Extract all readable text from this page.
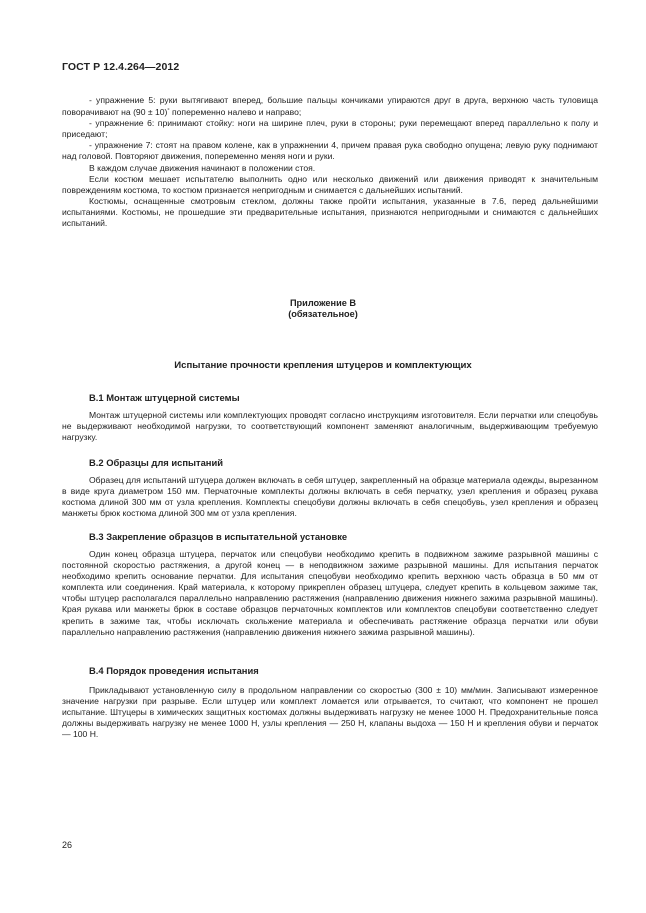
ГОСТ Р 12.4.264—2012

- упражнение 5: руки вытягивают вперед, большие пальцы кончиками упираются друг в друга, верхнюю часть туловища поворачивают на (90 ± 10)° попеременно налево и направо;

- упражнение 6: принимают стойку: ноги на ширине плеч, руки в стороны; руки перемещают вперед параллельно к полу и приседают;

- упражнение 7: стоят на правом колене, как в упражнении 4, причем правая рука свободно опущена; левую руку поднимают над головой. Повторяют движения, попеременно меняя ноги и руки.

В каждом случае движения начинают в положении стоя.

Если костюм мешает испытателю выполнить одно или несколько движений или движения приводят к значительным повреждениям костюма, то костюм признается непригодным и снимается с дальнейших испытаний.

Костюмы, оснащенные смотровым стеклом, должны также пройти испытания, указанные в 7.6, перед дальнейшими испытаниями. Костюмы, не прошедшие эти предварительные испытания, признаются непригодными и снимаются с дальнейших испытаний.

Приложение В
(обязательное)
Испытание прочности крепления штуцеров и комплектующих
В.1 Монтаж штуцерной системы

Монтаж штуцерной системы или комплектующих проводят согласно инструкциям изготовителя. Если перчатки или спецобувь не выдерживают необходимой нагрузки, то соответствующий компонент заменяют аналогичным, выдерживающим требуемую нагрузку.

В.2 Образцы для испытаний

Образец для испытаний штуцера должен включать в себя штуцер, закрепленный на образце материала одежды, вырезанном в виде круга диаметром 150 мм. Перчаточные комплекты должны включать в себя перчатку, узел крепления и образец рукава костюма длиной 300 мм от узла крепления. Комплекты спецобуви должны включать в себя спецобувь, узел крепления и образец манжеты брюк костюма длиной 300 мм от узла крепления.

В.3 Закрепление образцов в испытательной установке

Один конец образца штуцера, перчаток или спецобуви необходимо крепить в подвижном зажиме разрывной машины с постоянной скоростью растяжения, а другой конец — в неподвижном зажиме разрывной машины. Для испытания перчаток необходимо крепить основание перчатки. Для испытания спецобуви необходимо крепить верхнюю часть образца в 50 мм от комплекта или соединения. Край материала, к которому прикреплен образец штуцера, следует крепить в кольцевом зажиме так, чтобы штуцер располагался параллельно направлению растяжения (направлению движения нижнего зажима разрывной машины). Края рукава или манжеты брюк в составе образцов перчаточных комплектов или комплектов спецобуви соответственно следует крепить в зажиме так, чтобы исключать скольжение материала и обеспечивать растяжение образца перчатки или обуви параллельно направлению растяжения (направлению движения нижнего зажима разрывной машины).

В.4 Порядок проведения испытания

Прикладывают установленную силу в продольном направлении со скоростью (300 ± 10) мм/мин. Записывают измеренное значение нагрузки при разрыве. Если штуцер или комплект ломается или отрывается, то считают, что компонент не прошел испытание. Штуцеры в химических защитных костюмах должны выдерживать нагрузку не менее 1000 Н. Предохранительные пояса должны выдерживать нагрузку не менее 1000 Н, узлы крепления — 250 Н, клапаны выдоха — 150 Н и крепления обуви и перчаток — 100 Н.

26
